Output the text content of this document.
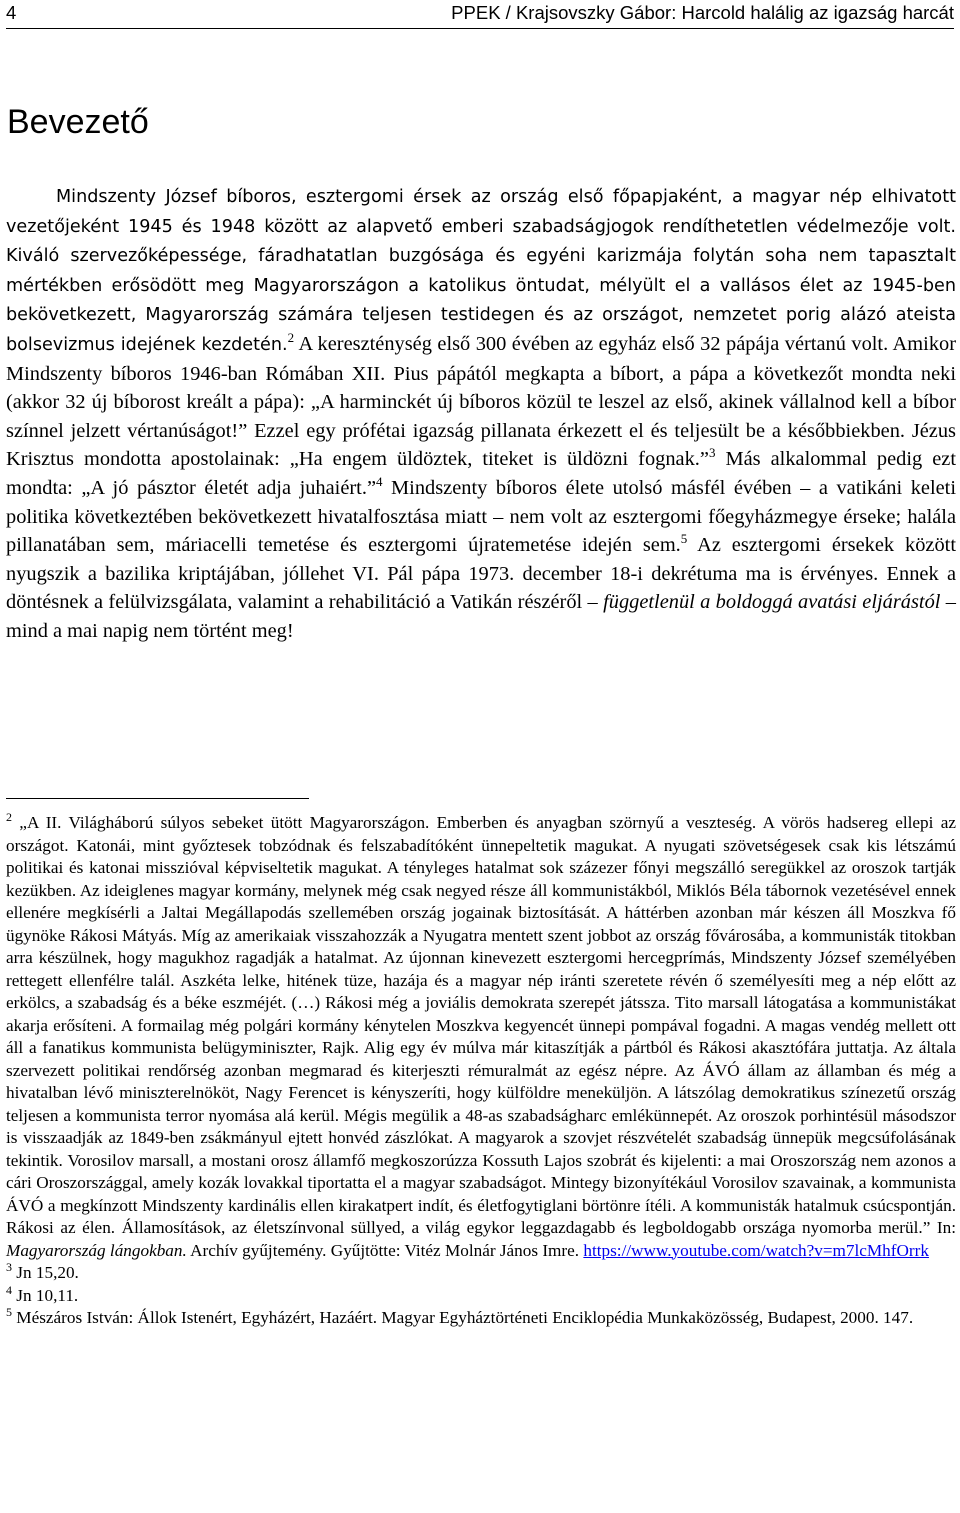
4	PPEK / Krajsovszky Gábor: Harcold halálig az igazság harcát
Bevezető

Mindszenty József bíboros, esztergomi érsek az ország első főpapjaként, a magyar nép elhivatott vezetőjeként 1945 és 1948 között az alapvető emberi szabadságjogok rendíthetetlen védelmezője volt. Kiváló szervezőképessége, fáradhatatlan buzgósága és egyéni karizmája folytán soha nem tapasztalt mértékben erősödött meg Magyarországon a katolikus öntudat, mélyült el a vallásos élet az 1945-ben bekövetkezett, Magyarország számára teljesen testidegen és az országot, nemzetet porig alázó ateista bolsevizmus idejének kezdetén.$^2$ A kereszténység első 300 évében az egyház első 32 pápája vértanú volt. Amikor Mindszenty bíboros 1946-ban Rómában XII. Pius pápától megkapta a bíbort, a pápa a következőt mondta neki (akkor 32 új bíborost kreált a pápa): „A harminckét új bíboros közül te leszel az első, akinek vállalnod kell a bíbor színnel jelzett vértanúságot!” Ezzel egy prófétai igazság pillanata érkezett el és teljesült be a későbbiekben. Jézus Krisztus mondotta apostolainak: „Ha engem üldöztek, titeket is üldözni fognak.”$^3$ Más alkalommal pedig ezt mondta: „A jó pásztor életét adja juhaiért.”$^4$ Mindszenty bíboros élete utolsó másfél évében – a vatikáni keleti politika következtében bekövetkezett hivatalfosztása miatt – nem volt az esztergomi főegyházmegye érseke; halála pillanatában sem, máriacelli temetése és esztergomi újratemetése idején sem.$^5$ Az esztergomi érsekek között nyugszik a bazilika kriptájában, jóllehet VI. Pál pápa 1973. december 18-i dekrétuma ma is érvényes. Ennek a döntésnek a felülvizsgálata, valamint a rehabilitáció a Vatikán részéről – függetlenül a boldoggá avatási eljárástól – mind a mai napig nem történt meg!

$^2$ „A II. Világháború súlyos sebeket ütött Magyarországon. Emberben és anyagban szörnyű a veszteség. A vörös hadsereg ellepi az országot. Katonái, mint győztesek tobzódnak és felszabadítóként ünnepeltetik magukat. A nyugati szövetségesek csak kis létszámú politikai és katonai misszióval képviseltetik magukat. A tényleges hatalmat sok százezer főnyi megszálló seregükkel az oroszok tartják kezükben. Az ideiglenes magyar kormány, melynek még csak negyed része áll kommunistákból, Miklós Béla tábornok vezetésével ennek ellenére megkísérli a Jaltai Megállapodás szellemében ország jogainak biztosítását. A háttérben azonban már készen áll Moszkva fő ügynöke Rákosi Mátyás. Míg az amerikaiak visszahozzák a Nyugatra mentett szent jobbot az ország fővárosába, a kommunisták titokban arra készülnek, hogy magukhoz ragadják a hatalmat. Az újonnan kinevezett esztergomi hercegprímás, Mindszenty József személyében rettegett ellenfélre talál. Aszkéta lelke, hitének tüze, hazája és a magyar nép iránti szeretete révén ő személyesíti meg a nép előtt az erkölcs, a szabadság és a béke eszméjét. (…) Rákosi még a joviális demokrata szerepét játssza. Tito marsall látogatása a kommunistákat akarja erősíteni. A formailag még polgári kormány kénytelen Moszkva kegyencét ünnepi pompával fogadni. A magas vendég mellett ott áll a fanatikus kommunista belügyminiszter, Rajk. Alig egy év múlva már kitaszítják a pártból és Rákosi akasztófára juttatja. Az általa szervezett politikai rendőrség azonban megmarad és kiterjeszti rémuralmát az egész népre. Az ÁVÓ állam az államban és még a hivatalban lévő miniszterelnököt, Nagy Ferencet is kényszeríti, hogy külföldre meneküljön. A látszólag demokratikus színezetű ország teljesen a kommunista terror nyomása alá kerül. Mégis megülik a 48-as szabadságharc emlékünnepét. Az oroszok porhintésül másodszor is visszaadják az 1849-ben zsákmányul ejtett honvéd zászlókat. A magyarok a szovjet részvételét szabadság ünnepük megcsúfolásának tekintik. Vorosilov marsall, a mostani orosz államfő megkoszorúzza Kossuth Lajos szobrát és kijelenti: a mai Oroszország nem azonos a cári Oroszországgal, amely kozák lovakkal tiportatta el a magyar szabadságot. Mintegy bizonyítékául Vorosilov szavainak, a kommunista ÁVÓ a megkínzott Mindszenty kardinális ellen kirakatpert indít, és életfogytiglani börtönre ítéli. A kommunisták hatalmuk csúcspontján. Rákosi az élen. Államosítások, az életszínvonal süllyed, a világ egykor leggazdagabb és legboldogabb országa nyomorba merül.” In: Magyarország lángokban. Archív gyűjtemény. Gyűjtötte: Vitéz Molnár János Imre. https://www.youtube.com/watch?v=m7lcMhfOrrk

$^3$ Jn 15,20.

$^4$ Jn 10,11.

$^5$ Mészáros István: Állok Istenért, Egyházért, Hazáért. Magyar Egyháztörténeti Enciklopédia Munkaközösség, Budapest, 2000. 147.
